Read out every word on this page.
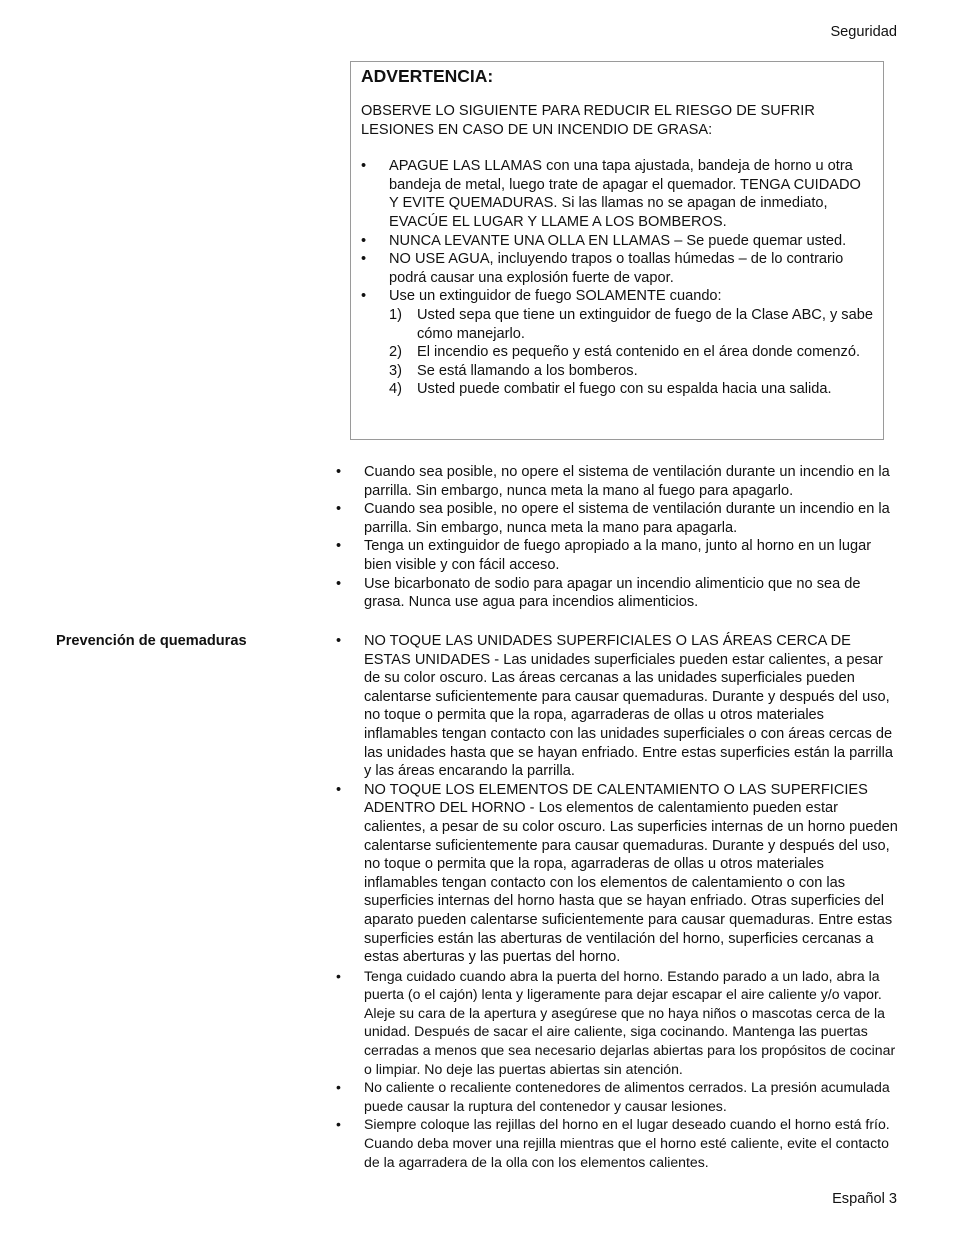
Seguridad
ADVERTENCIA:
OBSERVE LO SIGUIENTE PARA REDUCIR EL RIESGO DE SUFRIR LESIONES EN CASO DE UN INCENDIO DE GRASA:
• APAGUE LAS LLAMAS con una tapa ajustada, bandeja de horno u otra bandeja de metal, luego trate de apagar el quemador. TENGA CUIDADO Y EVITE QUEMADURAS. Si las llamas no se apagan de inmediato, EVACÚE EL LUGAR Y LLAME A LOS BOMBEROS.
• NUNCA LEVANTE UNA OLLA EN LLAMAS – Se puede quemar usted.
• NO USE AGUA, incluyendo trapos o toallas húmedas – de lo contrario podrá causar una explosión fuerte de vapor.
• Use un extinguidor de fuego SOLAMENTE cuando:
1) Usted sepa que tiene un extinguidor de fuego de la Clase ABC, y sabe cómo manejarlo.
2) El incendio es pequeño y está contenido en el área donde comenzó.
3) Se está llamando a los bomberos.
4) Usted puede combatir el fuego con su espalda hacia una salida.
• Cuando sea posible, no opere el sistema de ventilación durante un incendio en la parrilla. Sin embargo, nunca meta la mano al fuego para apagarlo.
• Cuando sea posible, no opere el sistema de ventilación durante un incendio en la parrilla. Sin embargo, nunca meta la mano para apagarla.
• Tenga un extinguidor de fuego apropiado a la mano, junto al horno en un lugar bien visible y con fácil acceso.
• Use bicarbonato de sodio para apagar un incendio alimenticio que no sea de grasa. Nunca use agua para incendios alimenticios.
Prevención de quemaduras	• NO TOQUE LAS UNIDADES SUPERFICIALES O LAS ÁREAS CERCA DE ESTAS UNIDADES - Las unidades superficiales pueden estar calientes, a pesar de su color oscuro. Las áreas cercanas a las unidades superficiales pueden calentarse suficientemente para causar quemaduras. Durante y después del uso, no toque o permita que la ropa, agarraderas de ollas u otros materiales inflamables tengan contacto con las unidades superficiales o con áreas cercas de las unidades hasta que se hayan enfriado. Entre estas superficies están la parrilla y las áreas encarando la parrilla.
• NO TOQUE LOS ELEMENTOS DE CALENTAMIENTO O LAS SUPERFICIES ADENTRO DEL HORNO - Los elementos de calentamiento pueden estar calientes, a pesar de su color oscuro. Las superficies internas de un horno pueden calentarse suficientemente para causar quemaduras. Durante y después del uso, no toque o permita que la ropa, agarraderas de ollas u otros materiales inflamables tengan contacto con los elementos de calentamiento o con las superficies internas del horno hasta que se hayan enfriado. Otras superficies del aparato pueden calentarse suficientemente para causar quemaduras. Entre estas superficies están las aberturas de ventilación del horno, superficies cercanas a estas aberturas y las puertas del horno.
• Tenga cuidado cuando abra la puerta del horno. Estando parado a un lado, abra la puerta (o el cajón) lenta y ligeramente para dejar escapar el aire caliente y/o vapor. Aleje su cara de la apertura y asegúrese que no haya niños o mascotas cerca de la unidad. Después de sacar el aire caliente, siga cocinando. Mantenga las puertas cerradas a menos que sea necesario dejarlas abiertas para los propósitos de cocinar o limpiar. No deje las puertas abiertas sin atención.
• No caliente o recaliente contenedores de alimentos cerrados. La presión acumulada puede causar la ruptura del contenedor y causar lesiones.
• Siempre coloque las rejillas del horno en el lugar deseado cuando el horno está frío. Cuando deba mover una rejilla mientras que el horno esté caliente, evite el contacto de la agarradera de la olla con los elementos calientes.
Español 3
